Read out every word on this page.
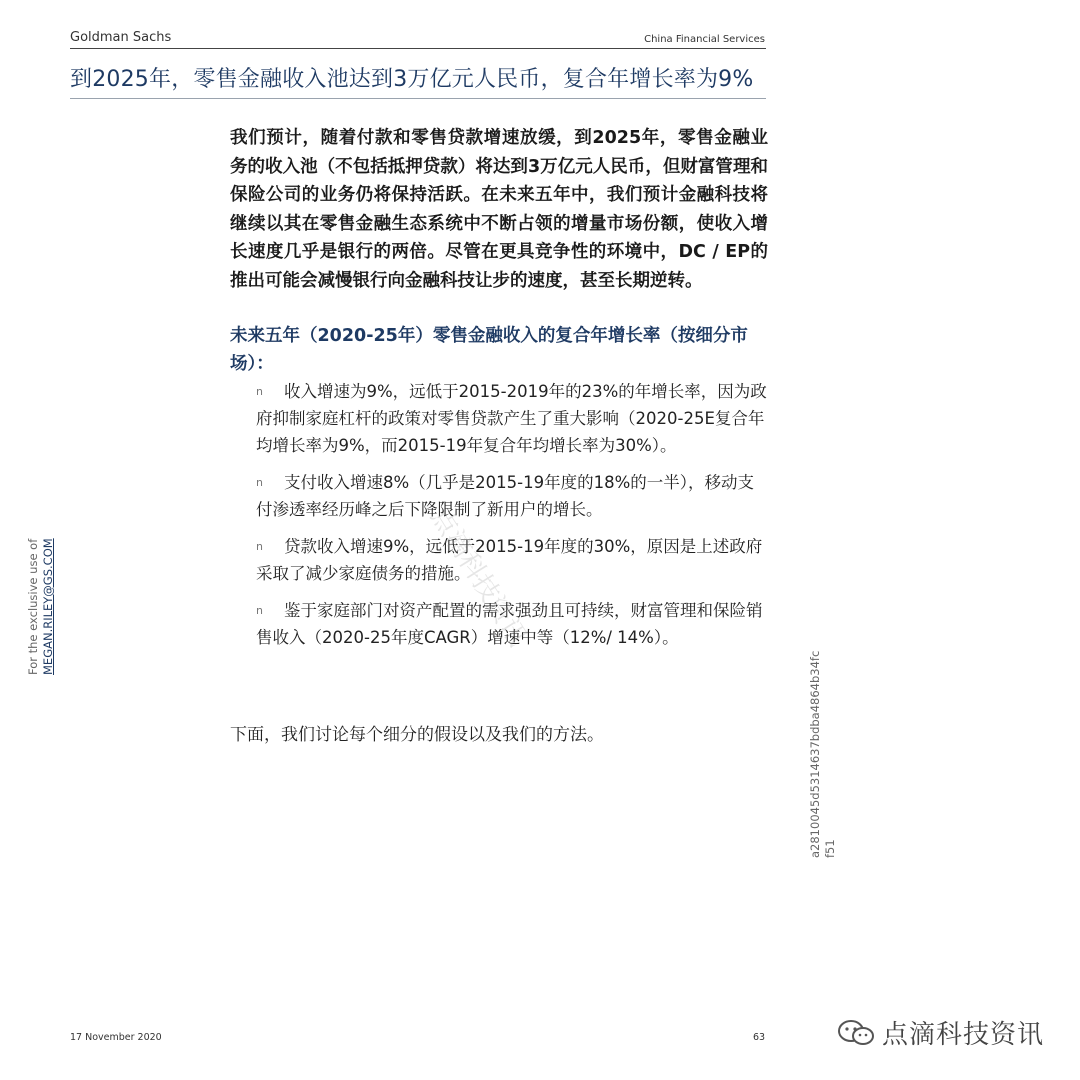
Goldman Sachs	China Financial Services
到2025年，零售金融收入池达到3万亿元人民币，复合年增长率为9%

我们预计，随着付款和零售贷款增速放缓，到2025年，零售金融业务的收入池（不包括抵押贷款）将达到3万亿元人民币，但财富管理和保险公司的业务仍将保持活跃。在未来五年中，我们预计金融科技将继续以其在零售金融生态系统中不断占领的增量市场份额，使收入增长速度几乎是银行的两倍。尽管在更具竞争性的环境中，DC / EP的推出可能会减慢银行向金融科技让步的速度，甚至长期逆转。

未来五年（2020-25年）零售金融收入的复合年增长率（按细分市场）：

n 收入增速为9%，远低于2015-2019年的23%的年增长率，因为政府抑制家庭杠杆的政策对零售贷款产生了重大影响（2020-25E复合年均增长率为9%，而2015-19年复合年均增长率为30%）。
n 支付收入增速8%（几乎是2015-19年度的18%的一半），移动支付渗透率经历峰之后下降限制了新用户的增长。
n 贷款收入增速9%，远低于2015-19年度的30%，原因是上述政府采取了减少家庭债务的措施。
n 鉴于家庭部门对资产配置的需求强劲且可持续，财富管理和保险销售收入（2020-25年度CAGR）增速中等（12%/ 14%）。

下面，我们讨论每个细分的假设以及我们的方法。

For the exclusive use of MEGAN.RILEY@GS.COM
a2810045d5314637bdba4864b34fc f51
点滴科技资讯
17 November 2020	63	点滴科技资讯
